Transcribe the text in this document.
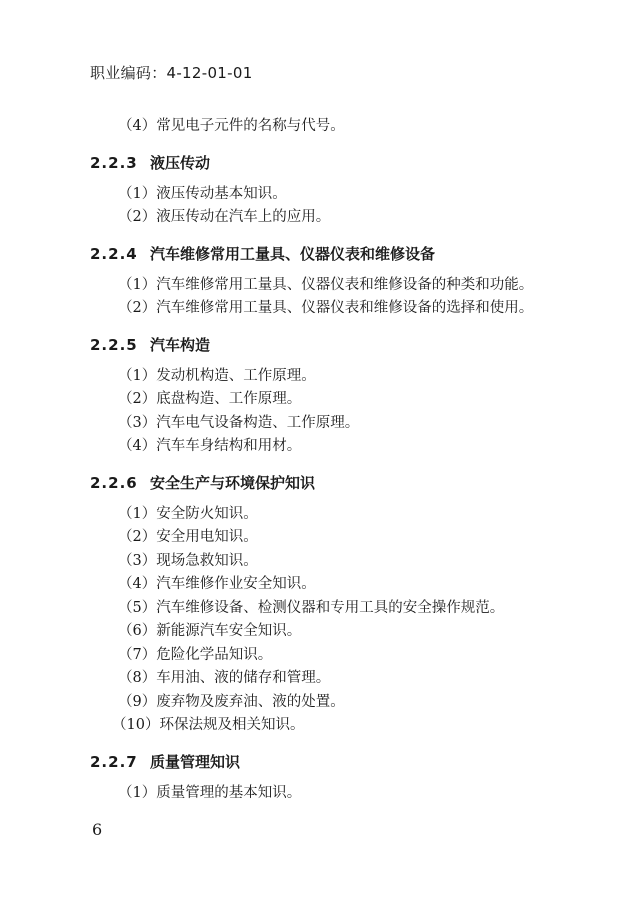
职业编码：4-12-01-01
（4）常见电子元件的名称与代号。
2.2.3 液压传动
（1）液压传动基本知识。
（2）液压传动在汽车上的应用。
2.2.4 汽车维修常用工量具、仪器仪表和维修设备
（1）汽车维修常用工量具、仪器仪表和维修设备的种类和功能。
（2）汽车维修常用工量具、仪器仪表和维修设备的选择和使用。
2.2.5 汽车构造
（1）发动机构造、工作原理。
（2）底盘构造、工作原理。
（3）汽车电气设备构造、工作原理。
（4）汽车车身结构和用材。
2.2.6 安全生产与环境保护知识
（1）安全防火知识。
（2）安全用电知识。
（3）现场急救知识。
（4）汽车维修作业安全知识。
（5）汽车维修设备、检测仪器和专用工具的安全操作规范。
（6）新能源汽车安全知识。
（7）危险化学品知识。
（8）车用油、液的储存和管理。
（9）废弃物及废弃油、液的处置。
（10）环保法规及相关知识。
2.2.7 质量管理知识
（1）质量管理的基本知识。
6
